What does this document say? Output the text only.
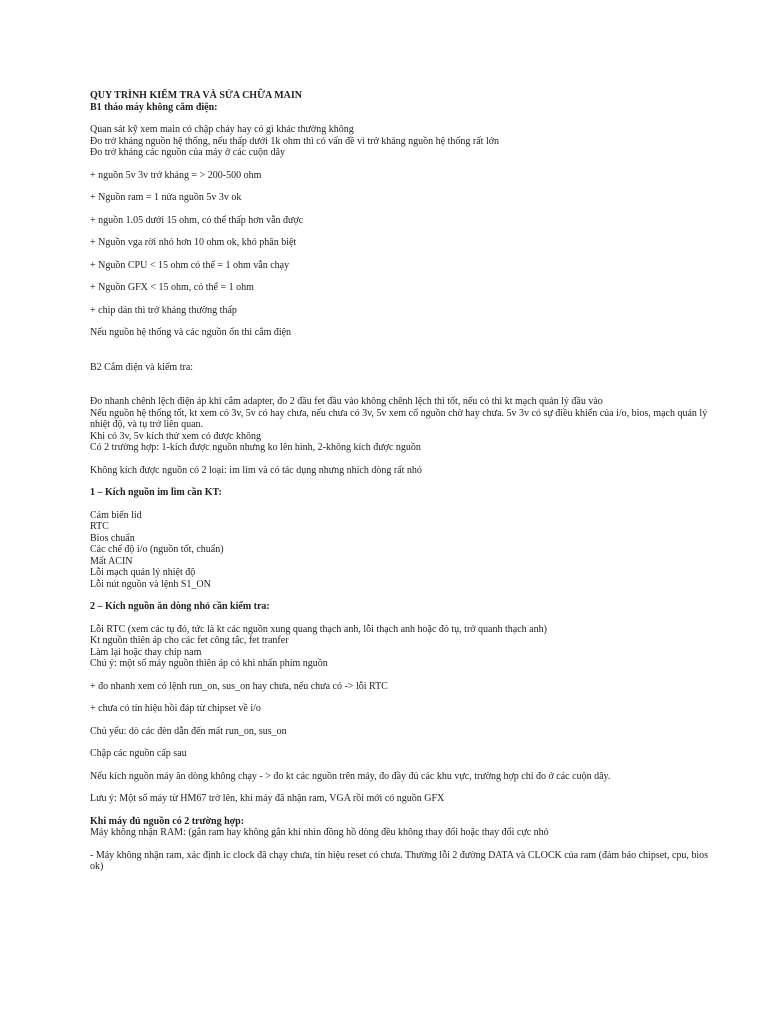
QUY TRÌNH KIỂM TRA VÀ SỬA CHỮA MAIN

B1 tháo máy không cắm điện:

Quan sát kỹ xem main có chập cháy hay có gì khác thường không

Đo trở kháng nguồn hệ thống, nếu thấp dưới 1k ohm thì có vấn đề vì trở kháng nguồn hệ thống rất lớn

Đo trở kháng các nguồn của máy ở các cuộn dây

+ nguồn 5v 3v trở kháng = > 200-500 ohm

+ Nguồn ram = 1 nửa nguồn 5v 3v ok

+ nguồn 1.05 dưới 15 ohm, có thể thấp hơn vẫn được

+ Nguồn vga rời nhỏ hơn 10 ohm ok, khó phân biệt

+ Nguồn CPU < 15 ohm có thể = 1 ohm vẫn chạy

+ Nguồn GFX < 15 ohm, có thể = 1 ohm

+ chip dán thì trở kháng thường thấp

Nếu nguồn hệ thống và các nguồn ổn thì cắm điện

B2 Cắm điện và kiểm tra:

Đo nhanh chênh lệch điện áp khi cắm adapter, đo 2 đầu fet đầu vào không chênh lệch thì tốt, nếu có thì kt mạch quản lý đầu vào

Nếu nguồn hệ thống tốt, kt xem có 3v, 5v có hay chưa, nếu chưa có 3v, 5v xem cổ nguồn chờ hay chưa. 5v 3v có sự điều khiển của i/o, bios, mạch quản lý nhiệt độ, và tụ trở liên quan.

Khi có 3v, 5v kích thử xem có được không

Có 2 trường hợp: 1-kích được nguồn nhưng ko lên hình, 2-không kích được nguồn

Không kích được nguồn có 2 loại: im lìm và có tác dụng nhưng nhích dòng rất nhỏ

1 – Kích nguồn im lìm cần KT:

Cảm biến lid

RTC

Bios chuẩn

Các chế độ i/o (nguồn tốt, chuẩn)

Mất ACIN

Lỗi mạch quản lý nhiệt độ

Lỗi nút nguồn và lệnh S1_ON

2 – Kích nguồn ăn dòng nhỏ cần kiểm tra:

Lỗi RTC (xem các tụ đỏ, tức là kt các nguồn xung quang thạch anh, lỗi thạch anh hoặc đỏ tụ, trở quanh thạch anh)

Kt nguồn thiên áp cho các fet công tắc, fet tranfer

Làm lại hoặc thay chip nam

Chú ý: một số máy nguồn thiên áp có khi nhấn phím nguồn

+ đo nhanh xem có lệnh run_on, sus_on hay chưa, nếu chưa có -> lỗi RTC

+ chưa có tín hiệu hồi đáp từ chipset về i/o

Chủ yếu: dò các đèn dẫn đến mất run_on, sus_on

Chập các nguồn cấp sau

Nếu kích nguồn máy ăn dòng không chạy - > đo kt các nguồn trên máy, đo đầy đủ các khu vực, trường hợp chỉ đo ở các cuộn dây.

Lưu ý: Một số máy từ HM67 trở lên, khi máy đã nhận ram, VGA rồi mới có nguồn GFX

Khi máy đủ nguồn có 2 trường hợp:

Máy không nhận RAM: (gắn ram hay không gắn khi nhìn đồng hồ dòng đều không thay đổi hoặc thay đổi cực nhỏ

- Máy không nhận ram, xác định ic clock đã chạy chưa, tín hiệu reset có chưa. Thường lỗi 2 đường DATA và CLOCK của ram (đảm bảo chipset, cpu, bios ok)
